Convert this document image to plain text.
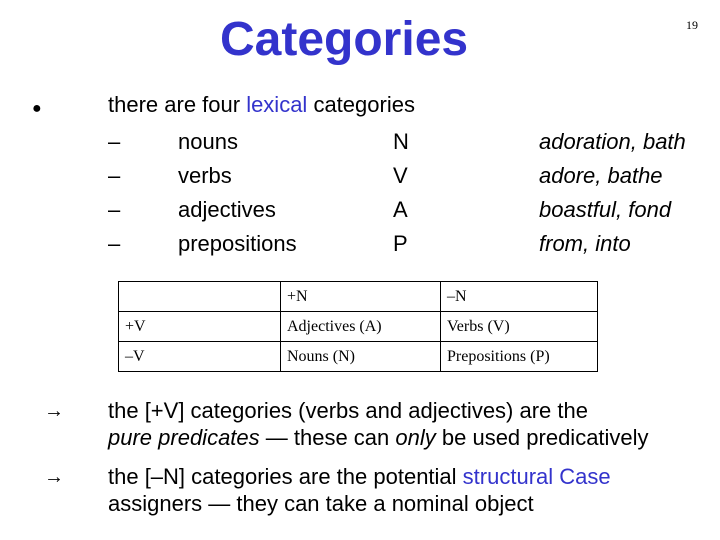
Categories	19
●	there are four lexical categories
–	nouns	N	adoration, bath
–	verbs	V	adore, bathe
–	adjectives	A	boastful, fond
–	prepositions	P	from, into
	+N	–N
+V	Adjectives (A)	Verbs (V)
–V	Nouns (N)	Prepositions (P)
→ the [+V] categories (verbs and adjectives) are the
pure predicates — these can only be used predicatively
→ the [–N] categories are the potential structural Case
assigners — they can take a nominal object
